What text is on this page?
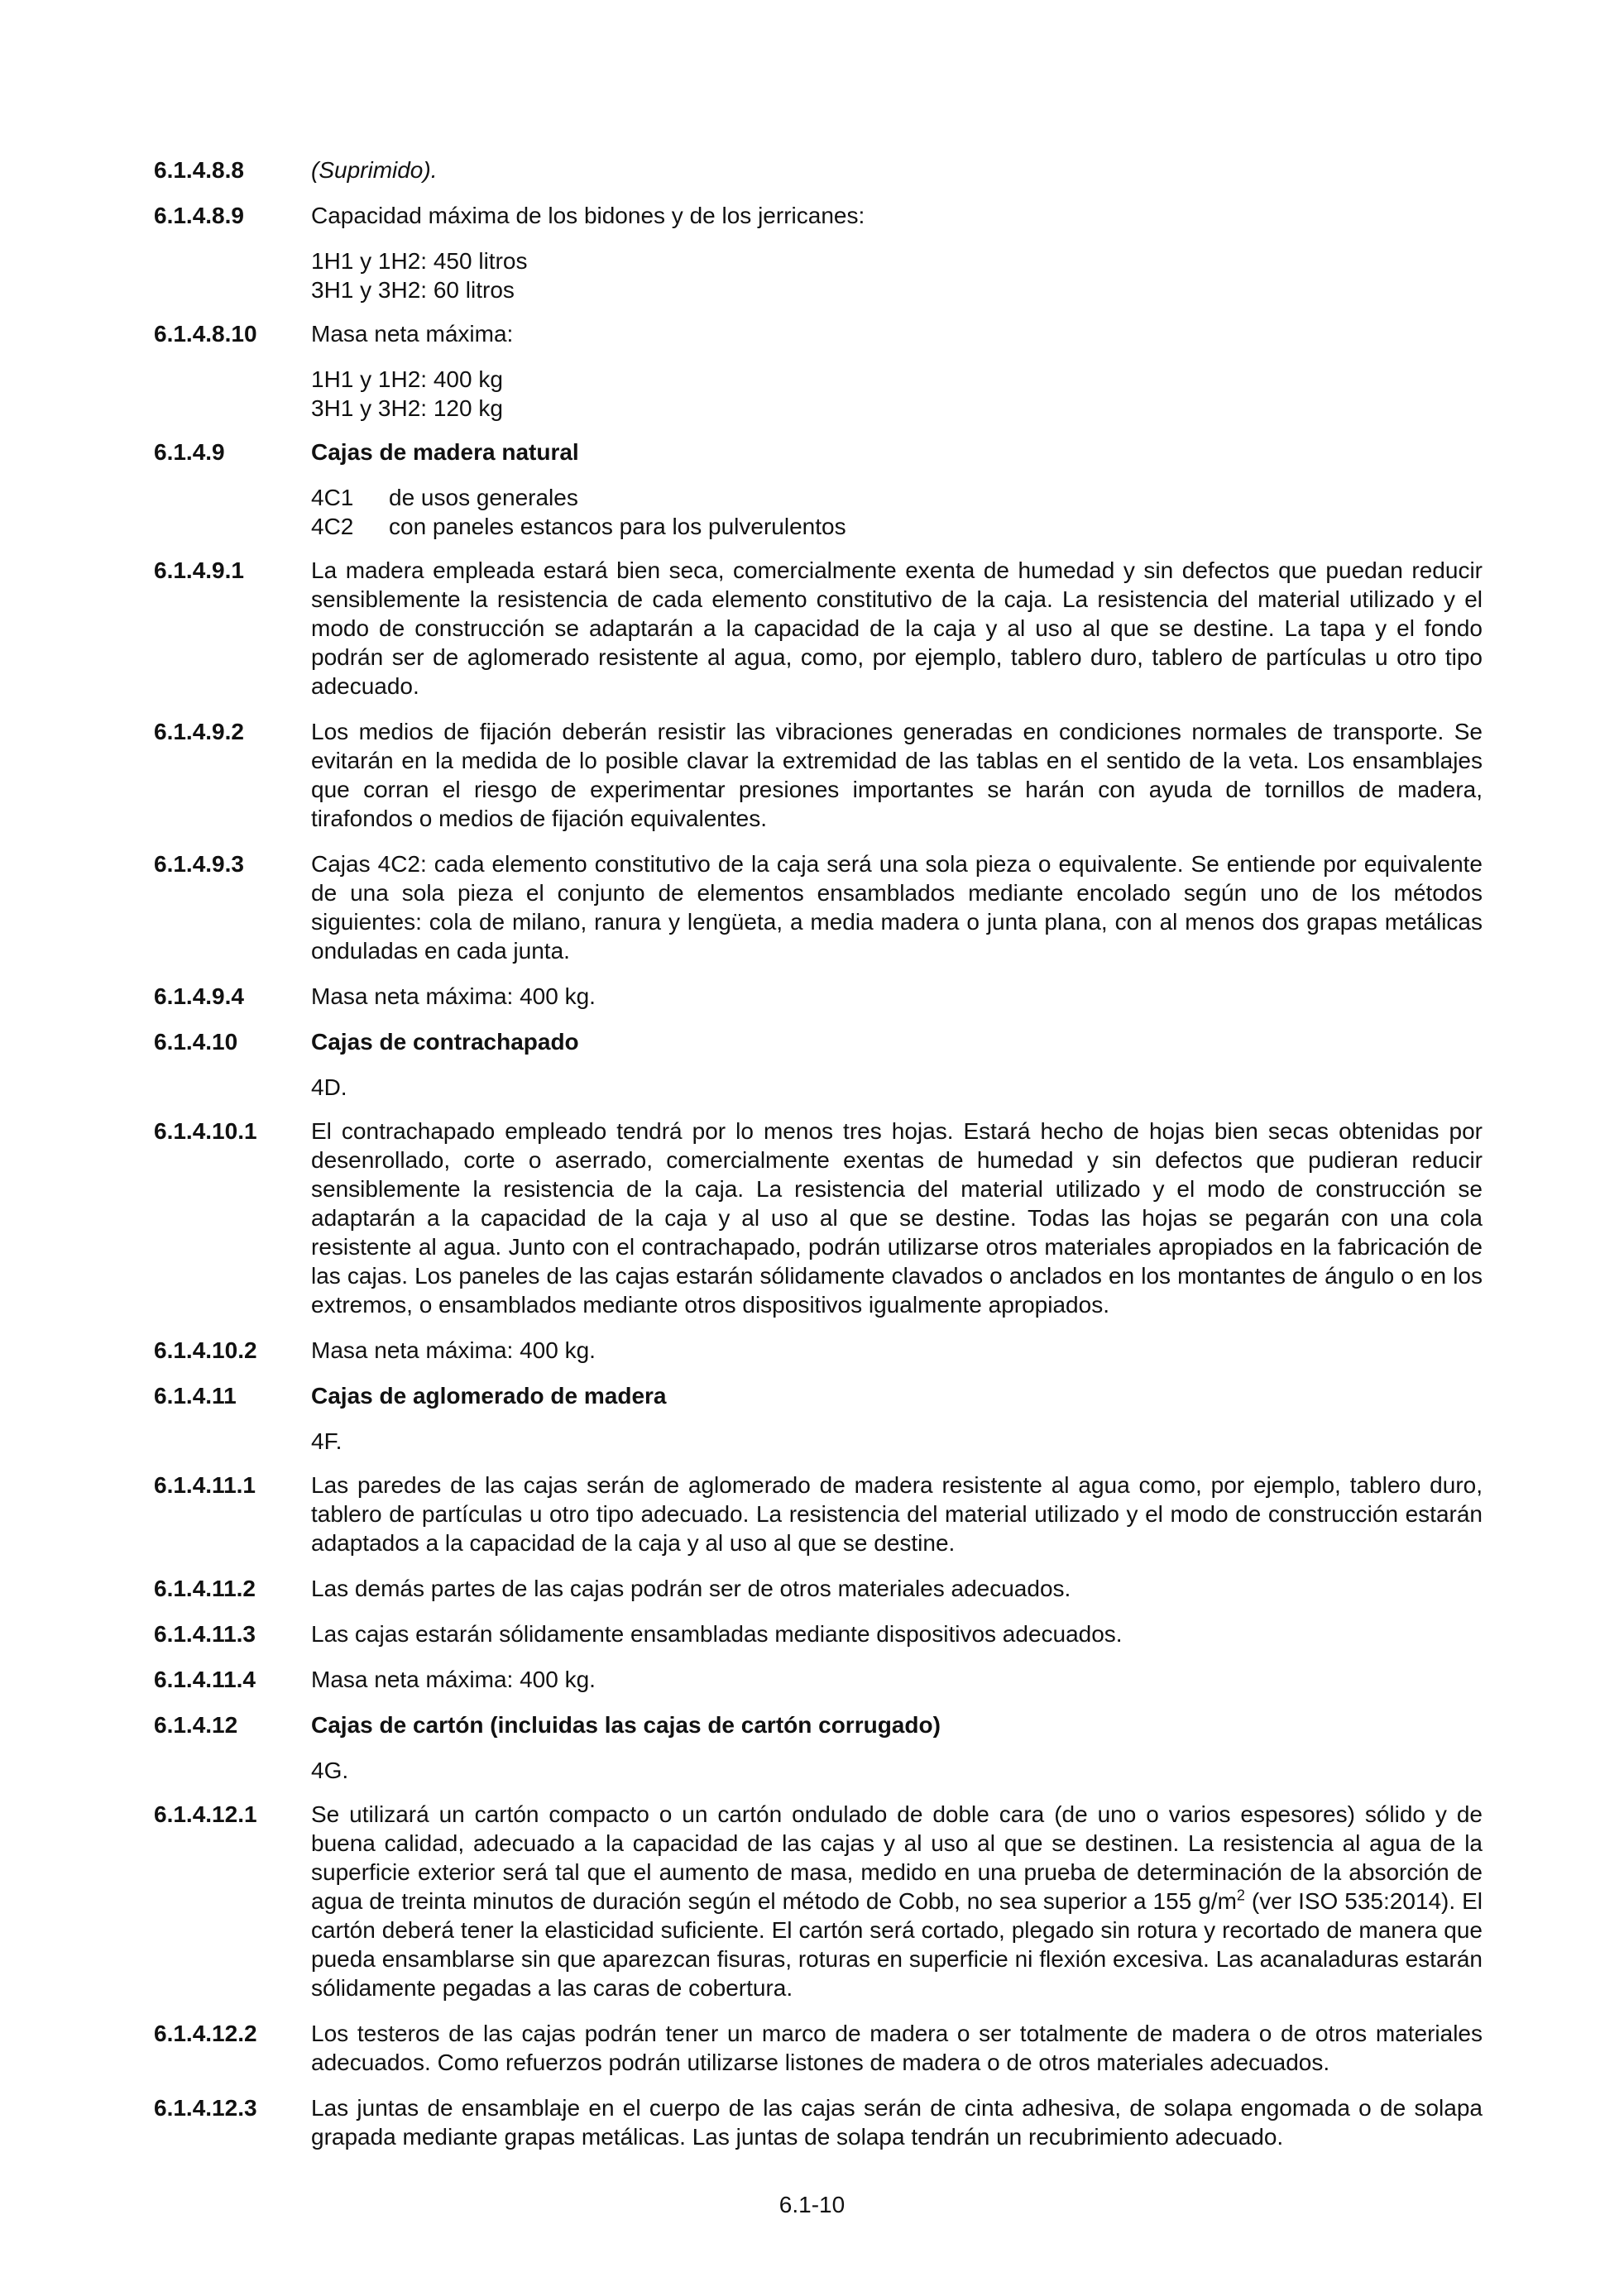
6.1.4.8.8	(Suprimido).
6.1.4.8.9	Capacidad máxima de los bidones y de los jerricanes:
1H1 y 1H2: 450 litros
3H1 y 3H2: 60 litros
6.1.4.8.10	Masa neta máxima:
1H1 y 1H2: 400 kg
3H1 y 3H2: 120 kg
6.1.4.9	Cajas de madera natural
4C1	de usos generales
4C2	con paneles estancos para los pulverulentos
6.1.4.9.1	La madera empleada estará bien seca, comercialmente exenta de humedad y sin defectos que puedan reducir sensiblemente la resistencia de cada elemento constitutivo de la caja. La resistencia del material utilizado y el modo de construcción se adaptarán a la capacidad de la caja y al uso al que se destine. La tapa y el fondo podrán ser de aglomerado resistente al agua, como, por ejemplo, tablero duro, tablero de partículas u otro tipo adecuado.
6.1.4.9.2	Los medios de fijación deberán resistir las vibraciones generadas en condiciones normales de transporte. Se evitarán en la medida de lo posible clavar la extremidad de las tablas en el sentido de la veta. Los ensamblajes que corran el riesgo de experimentar presiones importantes se harán con ayuda de tornillos de madera, tirafondos o medios de fijación equivalentes.
6.1.4.9.3	Cajas 4C2: cada elemento constitutivo de la caja será una sola pieza o equivalente. Se entiende por equivalente de una sola pieza el conjunto de elementos ensamblados mediante encolado según uno de los métodos siguientes: cola de milano, ranura y lengüeta, a media madera o junta plana, con al menos dos grapas metálicas onduladas en cada junta.
6.1.4.9.4	Masa neta máxima: 400 kg.
6.1.4.10	Cajas de contrachapado
4D.
6.1.4.10.1	El contrachapado empleado tendrá por lo menos tres hojas. Estará hecho de hojas bien secas obtenidas por desenrollado, corte o aserrado, comercialmente exentas de humedad y sin defectos que pudieran reducir sensiblemente la resistencia de la caja. La resistencia del material utilizado y el modo de construcción se adaptarán a la capacidad de la caja y al uso al que se destine. Todas las hojas se pegarán con una cola resistente al agua. Junto con el contrachapado, podrán utilizarse otros materiales apropiados en la fabricación de las cajas. Los paneles de las cajas estarán sólidamente clavados o anclados en los montantes de ángulo o en los extremos, o ensamblados mediante otros dispositivos igualmente apropiados.
6.1.4.10.2	Masa neta máxima: 400 kg.
6.1.4.11	Cajas de aglomerado de madera
4F.
6.1.4.11.1	Las paredes de las cajas serán de aglomerado de madera resistente al agua como, por ejemplo, tablero duro, tablero de partículas u otro tipo adecuado. La resistencia del material utilizado y el modo de construcción estarán adaptados a la capacidad de la caja y al uso al que se destine.
6.1.4.11.2	Las demás partes de las cajas podrán ser de otros materiales adecuados.
6.1.4.11.3	Las cajas estarán sólidamente ensambladas mediante dispositivos adecuados.
6.1.4.11.4	Masa neta máxima: 400 kg.
6.1.4.12	Cajas de cartón (incluidas las cajas de cartón corrugado)
4G.
6.1.4.12.1	Se utilizará un cartón compacto o un cartón ondulado de doble cara (de uno o varios espesores) sólido y de buena calidad, adecuado a la capacidad de las cajas y al uso al que se destinen. La resistencia al agua de la superficie exterior será tal que el aumento de masa, medido en una prueba de determinación de la absorción de agua de treinta minutos de duración según el método de Cobb, no sea superior a 155 $g/m^2$ (ver ISO 535:2014). El cartón deberá tener la elasticidad suficiente. El cartón será cortado, plegado sin rotura y recortado de manera que pueda ensamblarse sin que aparezcan fisuras, roturas en superficie ni flexión excesiva. Las acanaladuras estarán sólidamente pegadas a las caras de cobertura.
6.1.4.12.2	Los testeros de las cajas podrán tener un marco de madera o ser totalmente de madera o de otros materiales adecuados. Como refuerzos podrán utilizarse listones de madera o de otros materiales adecuados.
6.1.4.12.3	Las juntas de ensamblaje en el cuerpo de las cajas serán de cinta adhesiva, de solapa engomada o de solapa grapada mediante grapas metálicas. Las juntas de solapa tendrán un recubrimiento adecuado.
6.1-10
